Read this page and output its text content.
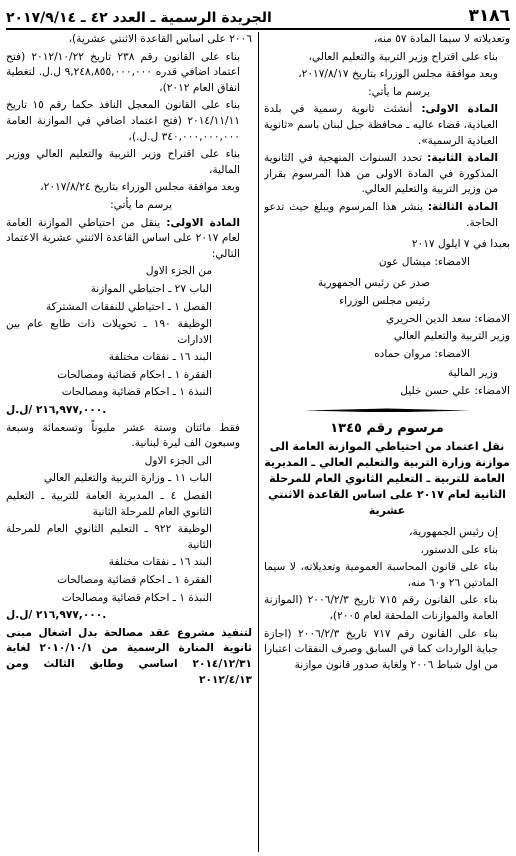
٣١٨٦
الجريدة الرسمية ـ العدد ٤٢ ـ ٢٠١٧/٩/١٤

وتعديلاته لا سيما المادة ٥٧ منه،

بناء على اقتراح وزير التربية والتعليم العالي،

وبعد موافقة مجلس الوزراء بتاريخ ٢٠١٧/٨/١٧،

يرسم ما يأتي:

المادة الاولى: أنشئت ثانوية رسمية في بلدة العبادية، قضاء عاليه ـ محافظة جبل لبنان باسم «ثانوية العبادية الرسمية».

المادة الثانية: تحدد السنوات المنهجية في الثانوية المذكورة في المادة الاولى من هذا المرسوم بقرار من وزير التربية والتعليم العالي.

المادة الثالثة: ينشر هذا المرسوم ويبلغ حيث تدعو الحاجة.

بعبدا في ٧ ايلول ٢٠١٧

الامضاء: ميشال عون

صدر عن رئيس الجمهورية

رئيس مجلس الوزراء

الامضاء: سعد الدين الحريري

وزير التربية والتعليم العالي

الامضاء: مروان حماده

وزير المالية

الامضاء: علي حسن خليل

مرسوم رقم ١٣٤٥
نقل اعتماد من احتياطي الموازنة العامة الى موازنة وزارة التربية والتعليم العالي ـ المديرية العامة للتربية ـ التعليم الثانوي العام للمرحلة الثانية لعام ٢٠١٧ على اساس القاعدة الاثنتي عشرية

إن رئيس الجمهورية،

بناء على الدستور،

بناء على قانون المحاسبة العمومية وتعديلاته، لا سيما المادتين ٢٦ و٦٠ منه،

بناء على القانون رقم ٧١٥ تاريخ ٢٠٠٦/٢/٣ (الموازنة العامة والموازنات الملحقة لعام ٢٠٠٥)،

بناء على القانون رقم ٧١٧ تاريخ ٢٠٠٦/٢/٣ (اجازة جباية الواردات كما في السابق وصرف النفقات اعتبارا من اول شباط ٢٠٠٦ ولغاية صدور قانون موازنة

٢٠٠٦ على اساس القاعدة الاثنتي عشرية)،

بناء على القانون رقم ٢٣٨ تاريخ ٢٠١٢/١٠/٢٢ (فتح اعتماد اضافي قدره ٩,٢٤٨,٨٥٥,٠٠٠,٠٠٠ ل.ل. لتغطية انفاق العام ٢٠١٢)،

بناء على القانون المعجل النافذ حكما رقم ١٥ تاريخ ٢٠١٤/١١/١١ (فتح اعتماد اضافي في الموازنة العامة ٣٤٠,٠٠٠,٠٠٠,٠٠٠ ل.ل.)،

بناء على اقتراح وزير التربية والتعليم العالي ووزير المالية،

وبعد موافقة مجلس الوزراء بتاريخ ٢٠١٧/٨/٢٤،

يرسم ما يأتي:

المادة الاولى: ينقل من احتياطي الموازنة العامة لعام ٢٠١٧ على اساس القاعدة الاثنتي عشرية الاعتماد التالي:

من الجزء الاول

الباب ٢٧ ـ احتياطي الموازنة

الفصل ١ ـ احتياطي للنفقات المشتركة

الوظيفة ١٩٠ ـ تحويلات ذات طابع عام بين الادارات

البند ١٦ ـ نفقات مختلفة

الفقرة ١ ـ احكام قضائية ومصالحات

النبذة ١ ـ احكام قضائية ومصالحات

٢١٦,٩٧٧,٠٠٠ /ل.ل.

فقط مائتان وستة عشر مليوناً وتسعمائة وسبعة وسبعون الف ليرة لبنانية.

الى الجزء الاول

الباب ١١ ـ وزارة التربية والتعليم العالي

الفصل ٤ ـ المديرية العامة للتربية ـ التعليم الثانوي العام للمرحلة الثانية

الوظيفة ٩٢٢ ـ التعليم الثانوي العام للمرحلة الثانية

البند ١٦ ـ نفقات مختلفة

الفقرة ١ ـ احكام قضائية ومصالحات

النبذة ١ ـ احكام قضائية ومصالحات

٢١٦,٩٧٧,٠٠٠ /ل.ل.

لتنفيذ مشروع عقد مصالحة بدل اشغال مبنى ثانوية المنارة الرسمية من ٢٠١٠/١٠/١ لغاية ٢٠١٤/١٢/٣١ اساسي وطابق الثالث ومن ٢٠١٢/٤/١٣
